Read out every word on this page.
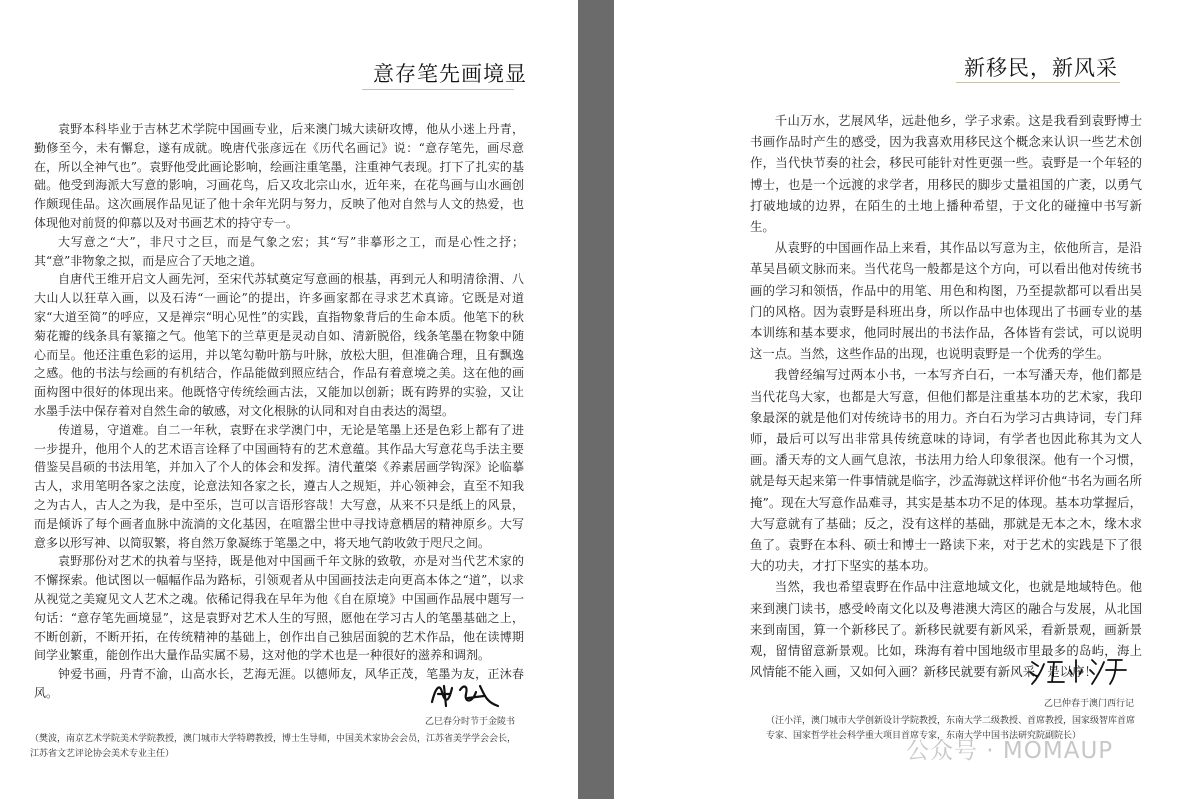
意存笔先画境显

袁野本科毕业于吉林艺术学院中国画专业，后来澳门城大读研攻博，他从小迷上丹青，勤修至今，未有懈怠，遂有成就。晚唐代张彦远在《历代名画记》说：“意存笔先，画尽意在，所以全神气也”。袁野他受此画论影响，绘画注重笔墨，注重神气表现。打下了扎实的基础。他受到海派大写意的影响，习画花鸟，后又攻北宗山水，近年来，在花鸟画与山水画创作颇现佳品。这次画展作品见证了他十余年光阴与努力，反映了他对自然与人文的热爱，也体现他对前贤的仰慕以及对书画艺术的持守专一。

大写意之“大”，非尺寸之巨，而是气象之宏；其“写”非摹形之工，而是心性之抒；其“意”非物象之拟，而是应合了天地之道。

自唐代王维开启文人画先河，至宋代苏轼奠定写意画的根基，再到元人和明清徐渭、八大山人以狂草入画，以及石涛“一画论”的提出，许多画家都在寻求艺术真谛。它既是对道家“大道至简”的呼应，又是禅宗“明心见性”的实践，直指物象背后的生命本质。他笔下的秋菊花瓣的线条具有篆籀之气。他笔下的兰草更是灵动自如、清新脱俗，线条笔墨在物象中随心而呈。他还注重色彩的运用，并以笔勾勒叶筋与叶脉，放松大胆，但准确合理，且有飘逸之感。他的书法与绘画的有机结合，作品能做到照应结合，作品有着意境之美。这在他的画面构图中很好的体现出来。他既恪守传统绘画古法，又能加以创新；既有跨界的实验，又让水墨手法中保存着对自然生命的敏感，对文化根脉的认同和对自由表达的渴望。

传道易，守道难。自二一年秋，袁野在求学澳门中，无论是笔墨上还是色彩上都有了进一步提升，他用个人的艺术语言诠释了中国画特有的艺术意蕴。其作品大写意花鸟手法主要借鉴吴昌硕的书法用笔，并加入了个人的体会和发挥。清代董棨《养素居画学钩深》论临摹古人，求用笔明各家之法度，论意法知各家之长，遵古人之规矩，并心领神会，直至不知我之为古人，古人之为我，是中至乐，岂可以言语形容哉！大写意，从来不只是纸上的风景，而是倾诉了每个画者血脉中流淌的文化基因，在喧嚣尘世中寻找诗意栖居的精神原乡。大写意多以形写神、以简驭繁，将自然万象凝练于笔墨之中，将天地气韵收敛于咫尺之间。

袁野那份对艺术的执着与坚持，既是他对中国画千年文脉的致敬，亦是对当代艺术家的不懈探索。他试图以一幅幅作品为路标，引领观者从中国画技法走向更高本体之“道”，以求从视觉之美窥见文人艺术之魂。依稀记得我在早年为他《自在原境》中国画作品展中题写一句话：“意存笔先画境显”，这是袁野对艺术人生的写照，愿他在学习古人的笔墨基础之上，不断创新，不断开拓，在传统精神的基础上，创作出自己独居面貌的艺术作品，他在读博期间学业繁重，能创作出大量作品实属不易，这对他的学术也是一种很好的滋养和调剂。

钟爱书画，丹青不渝，山高水长，艺海无涯。以德师友，风华正茂，笔墨为友，正沐春风。

乙巳春分时节于金陵书
（樊波，南京艺术学院美术学院教授，澳门城市大学特聘教授，博士生导师，中国美术家协会会员，江苏省美学学会会长，江苏省文艺评论协会美术专业主任）
新移民，新风采

千山万水，艺展风华，远赴他乡，学子求索。这是我看到袁野博士书画作品时产生的感受，因为我喜欢用移民这个概念来认识一些艺术创作，当代快节奏的社会，移民可能针对性更强一些。袁野是一个年轻的博士，也是一个远渡的求学者，用移民的脚步丈量祖国的广袤，以勇气打破地域的边界，在陌生的土地上播种希望，于文化的碰撞中书写新生。

从袁野的中国画作品上来看，其作品以写意为主，依他所言，是沿革吴昌硕文脉而来。当代花鸟一般都是这个方向，可以看出他对传统书画的学习和领悟，作品中的用笔、用色和构图，乃至提款都可以看出吴门的风格。因为袁野是科班出身，所以作品中也体现出了书画专业的基本训练和基本要求，他同时展出的书法作品，各体皆有尝试，可以说明这一点。当然，这些作品的出现，也说明袁野是一个优秀的学生。

我曾经编写过两本小书，一本写齐白石，一本写潘天寿，他们都是当代花鸟大家，也都是大写意，但他们都是注重基本功的艺术家，我印象最深的就是他们对传统诗书的用力。齐白石为学习古典诗词，专门拜师，最后可以写出非常具传统意味的诗词，有学者也因此称其为文人画。潘天寿的文人画气息浓，书法用力给人印象很深。他有一个习惯，就是每天起来第一件事情就是临字，沙孟海就这样评价他“书名为画名所掩”。现在大写意作品难寻，其实是基本功不足的体现。基本功掌握后，大写意就有了基础；反之，没有这样的基础，那就是无本之木，缘木求鱼了。袁野在本科、硕士和博士一路读下来，对于艺术的实践是下了很大的功夫，才打下坚实的基本功。

当然，我也希望袁野在作品中注意地域文化，也就是地域特色。他来到澳门读书，感受岭南文化以及粤港澳大湾区的融合与发展，从北国来到南国，算一个新移民了。新移民就要有新风采，看新景观，画新景观，留情留意新景观。比如，珠海有着中国地级市里最多的岛屿，海上风情能不能入画，又如何入画？新移民就要有新风采，是以序！

乙巳仲春于澳门西行记
（汪小洋，澳门城市大学创新设计学院教授，东南大学二级教授、首席教授，国家级智库首席专家、国家哲学社会科学重大项目首席专家，东南大学中国书法研究院副院长）
公众号 · MOMAUP
